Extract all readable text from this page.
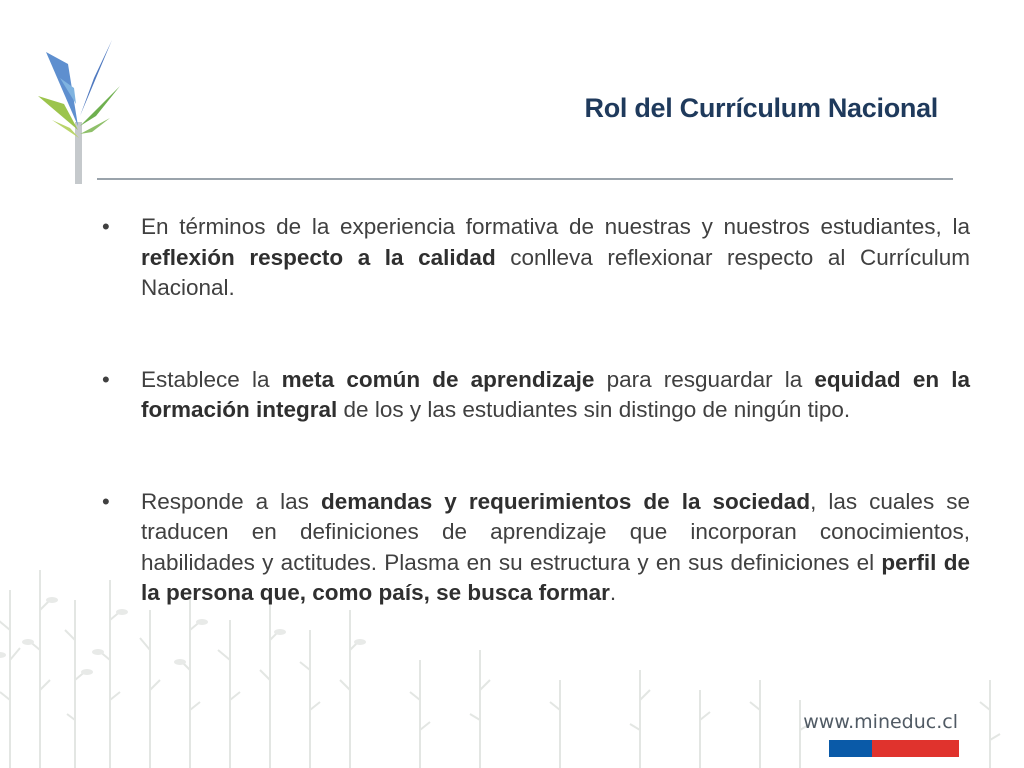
Rol del Currículum Nacional
• En términos de la experiencia formativa de nuestras y nuestros estudiantes, la reflexión respecto a la calidad conlleva reflexionar respecto al Currículum Nacional.
• Establece la meta común de aprendizaje para resguardar la equidad en la formación integral de los y las estudiantes sin distingo de ningún tipo.
• Responde a las demandas y requerimientos de la sociedad, las cuales se traducen en definiciones de aprendizaje que incorporan conocimientos, habilidades y actitudes. Plasma en su estructura y en sus definiciones el perfil de la persona que, como país, se busca formar.
www.mineduc.cl
